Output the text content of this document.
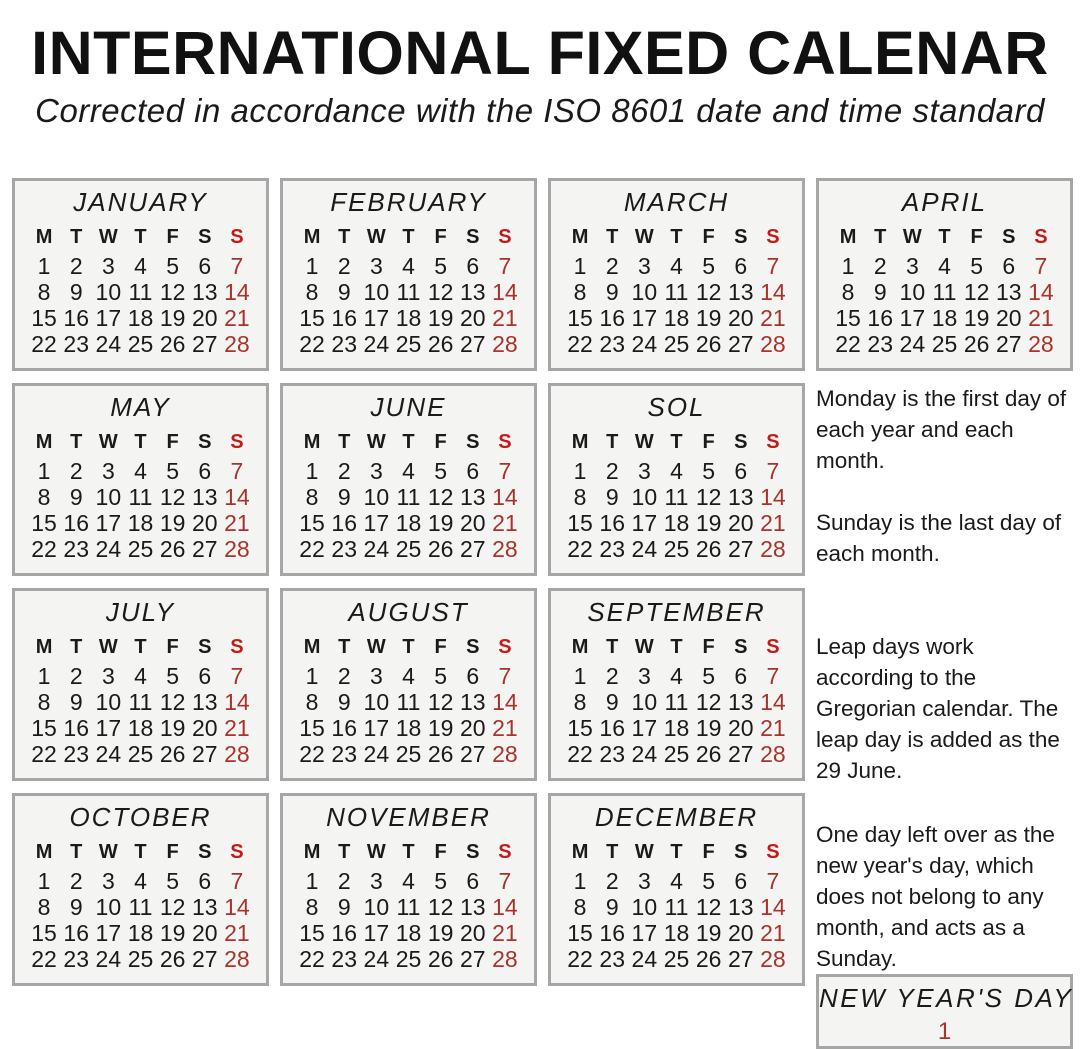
INTERNATIONAL FIXED CALENAR
Corrected in accordance with the ISO 8601 date and time standard

Monday is the first day of each year and each month.

Sunday is the last day of each month.

Leap days work according to the Gregorian calendar. The leap day is added as the 29 June.

One day left over as the new year's day, which does not belong to any month, and acts as a Sunday.

NEW YEAR'S DAY
1
JANUARY
M T W T F S S
1 2 3 4 5 6 7
8 9 10 11 12 13 14
15 16 17 18 19 20 21
22 23 24 25 26 27 28
FEBRUARY
M T W T F S S
1 2 3 4 5 6 7
8 9 10 11 12 13 14
15 16 17 18 19 20 21
22 23 24 25 26 27 28
MARCH
M T W T F S S
1 2 3 4 5 6 7
8 9 10 11 12 13 14
15 16 17 18 19 20 21
22 23 24 25 26 27 28
APRIL
M T W T F S S
1 2 3 4 5 6 7
8 9 10 11 12 13 14
15 16 17 18 19 20 21
22 23 24 25 26 27 28
MAY
M T W T F S S
1 2 3 4 5 6 7
8 9 10 11 12 13 14
15 16 17 18 19 20 21
22 23 24 25 26 27 28
JUNE
M T W T F S S
1 2 3 4 5 6 7
8 9 10 11 12 13 14
15 16 17 18 19 20 21
22 23 24 25 26 27 28
SOL
M T W T F S S
1 2 3 4 5 6 7
8 9 10 11 12 13 14
15 16 17 18 19 20 21
22 23 24 25 26 27 28
JULY
M T W T F S S
1 2 3 4 5 6 7
8 9 10 11 12 13 14
15 16 17 18 19 20 21
22 23 24 25 26 27 28
AUGUST
M T W T F S S
1 2 3 4 5 6 7
8 9 10 11 12 13 14
15 16 17 18 19 20 21
22 23 24 25 26 27 28
SEPTEMBER
M T W T F S S
1 2 3 4 5 6 7
8 9 10 11 12 13 14
15 16 17 18 19 20 21
22 23 24 25 26 27 28
OCTOBER
M T W T F S S
1 2 3 4 5 6 7
8 9 10 11 12 13 14
15 16 17 18 19 20 21
22 23 24 25 26 27 28
NOVEMBER
M T W T F S S
1 2 3 4 5 6 7
8 9 10 11 12 13 14
15 16 17 18 19 20 21
22 23 24 25 26 27 28
DECEMBER
M T W T F S S
1 2 3 4 5 6 7
8 9 10 11 12 13 14
15 16 17 18 19 20 21
22 23 24 25 26 27 28
